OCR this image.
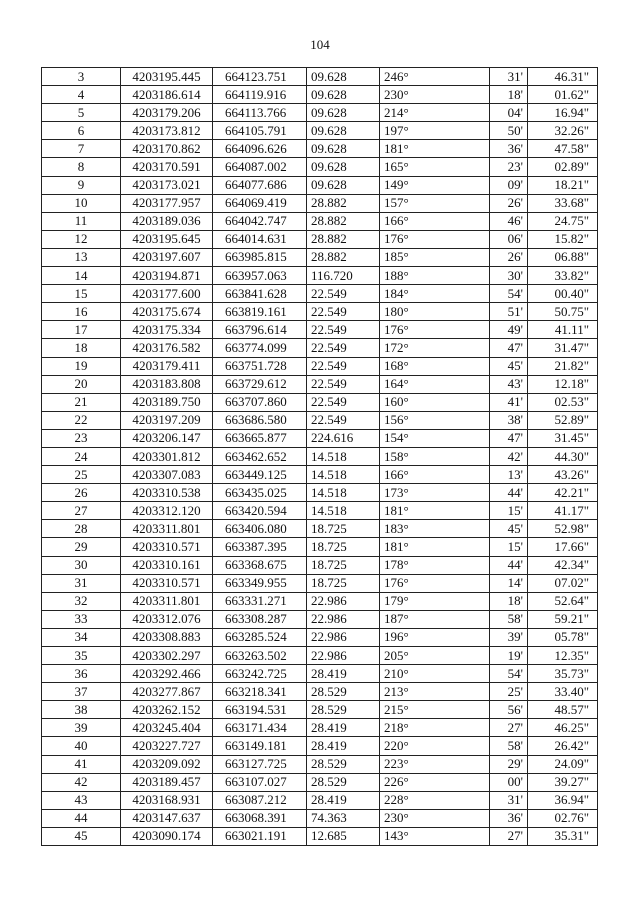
104
3	4203195.445	664123.751	09.628	246°	31'	46.31"
4	4203186.614	664119.916	09.628	230°	18'	01.62"
5	4203179.206	664113.766	09.628	214°	04'	16.94"
6	4203173.812	664105.791	09.628	197°	50'	32.26"
7	4203170.862	664096.626	09.628	181°	36'	47.58"
8	4203170.591	664087.002	09.628	165°	23'	02.89"
9	4203173.021	664077.686	09.628	149°	09'	18.21"
10	4203177.957	664069.419	28.882	157°	26'	33.68"
11	4203189.036	664042.747	28.882	166°	46'	24.75"
12	4203195.645	664014.631	28.882	176°	06'	15.82"
13	4203197.607	663985.815	28.882	185°	26'	06.88"
14	4203194.871	663957.063	116.720	188°	30'	33.82"
15	4203177.600	663841.628	22.549	184°	54'	00.40"
16	4203175.674	663819.161	22.549	180°	51'	50.75"
17	4203175.334	663796.614	22.549	176°	49'	41.11"
18	4203176.582	663774.099	22.549	172°	47'	31.47"
19	4203179.411	663751.728	22.549	168°	45'	21.82"
20	4203183.808	663729.612	22.549	164°	43'	12.18"
21	4203189.750	663707.860	22.549	160°	41'	02.53"
22	4203197.209	663686.580	22.549	156°	38'	52.89"
23	4203206.147	663665.877	224.616	154°	47'	31.45"
24	4203301.812	663462.652	14.518	158°	42'	44.30"
25	4203307.083	663449.125	14.518	166°	13'	43.26"
26	4203310.538	663435.025	14.518	173°	44'	42.21"
27	4203312.120	663420.594	14.518	181°	15'	41.17"
28	4203311.801	663406.080	18.725	183°	45'	52.98"
29	4203310.571	663387.395	18.725	181°	15'	17.66"
30	4203310.161	663368.675	18.725	178°	44'	42.34"
31	4203310.571	663349.955	18.725	176°	14'	07.02"
32	4203311.801	663331.271	22.986	179°	18'	52.64"
33	4203312.076	663308.287	22.986	187°	58'	59.21"
34	4203308.883	663285.524	22.986	196°	39'	05.78"
35	4203302.297	663263.502	22.986	205°	19'	12.35"
36	4203292.466	663242.725	28.419	210°	54'	35.73"
37	4203277.867	663218.341	28.529	213°	25'	33.40"
38	4203262.152	663194.531	28.529	215°	56'	48.57"
39	4203245.404	663171.434	28.419	218°	27'	46.25"
40	4203227.727	663149.181	28.419	220°	58'	26.42"
41	4203209.092	663127.725	28.529	223°	29'	24.09"
42	4203189.457	663107.027	28.529	226°	00'	39.27"
43	4203168.931	663087.212	28.419	228°	31'	36.94"
44	4203147.637	663068.391	74.363	230°	36'	02.76"
45	4203090.174	663021.191	12.685	143°	27'	35.31"
